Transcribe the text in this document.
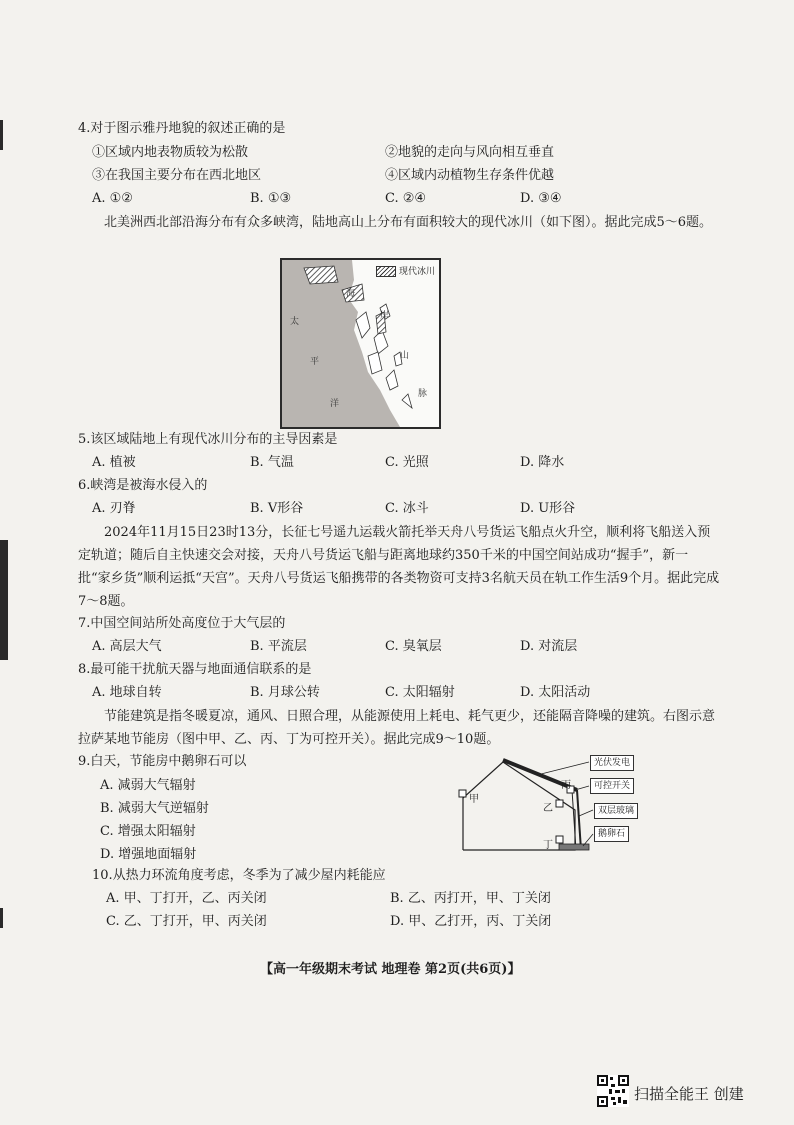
4.对于图示雅丹地貌的叙述正确的是
①区域内地表物质较为松散	②地貌的走向与风向相互垂直
③在我国主要分布在西北地区	④区域内动植物生存条件优越
A. ①②	B. ①③	C. ②④	D. ③④
北美洲西北部沿海分布有众多峡湾，陆地高山上分布有面积较大的现代冰川（如下图）。据此完成5～6题。
太
平
洋
海
岸
山
脉
现代冰川
5.该区域陆地上有现代冰川分布的主导因素是
A. 植被	B. 气温	C. 光照	D. 降水
6.峡湾是被海水侵入的
A. 刃脊	B. V形谷	C. 冰斗	D. U形谷
2024年11月15日23时13分，长征七号遥九运载火箭托举天舟八号货运飞船点火升空，顺利将飞船送入预定轨道；随后自主快速交会对接，天舟八号货运飞船与距离地球约350千米的中国空间站成功“握手”，新一批“家乡货”顺利运抵“天宫”。天舟八号货运飞船携带的各类物资可支持3名航天员在轨工作生活9个月。据此完成7～8题。
7.中国空间站所处高度位于大气层的
A. 高层大气	B. 平流层	C. 臭氧层	D. 对流层
8.最可能干扰航天器与地面通信联系的是
A. 地球自转	B. 月球公转	C. 太阳辐射	D. 太阳活动
节能建筑是指冬暖夏凉，通风、日照合理，从能源使用上耗电、耗气更少，还能隔音降噪的建筑。右图示意拉萨某地节能房（图中甲、乙、丙、丁为可控开关）。据此完成9～10题。
9.白天，节能房中鹅卵石可以
A. 减弱大气辐射
B. 减弱大气逆辐射
C. 增强太阳辐射
D. 增强地面辐射
光伏发电
可控开关
双层玻璃
鹅卵石
甲
丙
乙
丁
10.从热力环流角度考虑，冬季为了减少屋内耗能应
A. 甲、丁打开，乙、丙关闭	B. 乙、丙打开，甲、丁关闭
C. 乙、丁打开，甲、丙关闭	D. 甲、乙打开，丙、丁关闭
【高一年级期末考试 地理卷 第2页(共6页)】
扫描全能王 创建
